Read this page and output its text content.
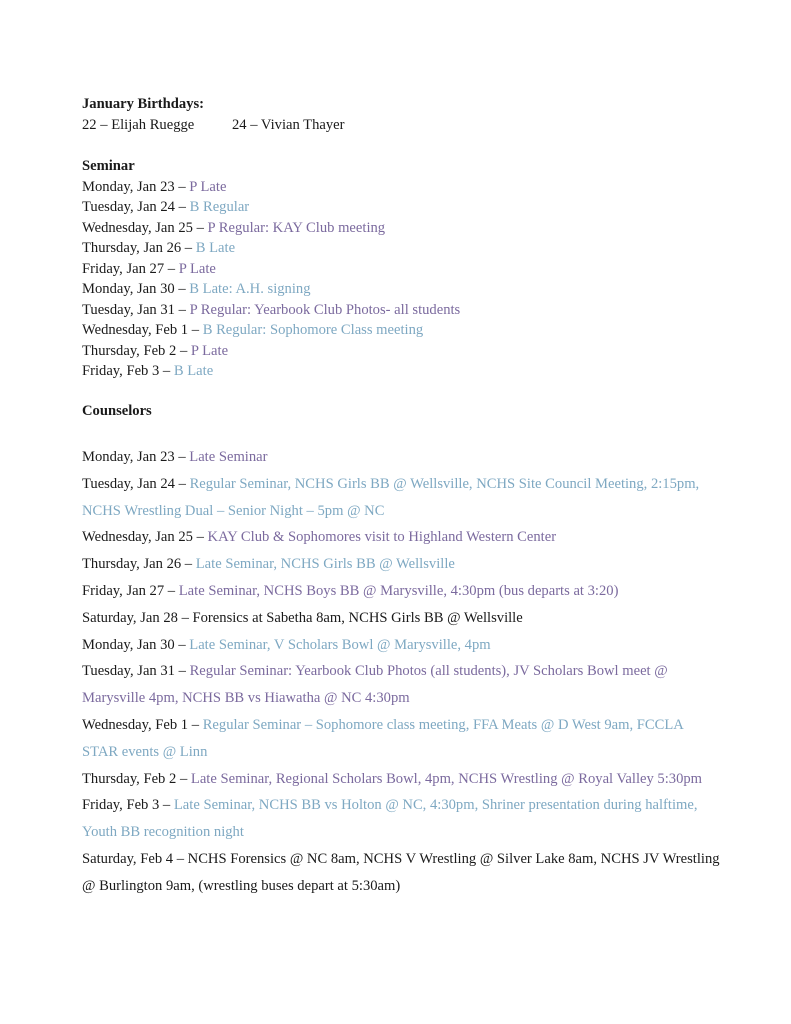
January Birthdays:
22 – Elijah Ruegge	24 – Vivian Thayer
Seminar
Monday, Jan 23 – P Late
Tuesday, Jan 24 – B Regular
Wednesday, Jan 25 – P Regular: KAY Club meeting
Thursday, Jan 26 – B Late
Friday, Jan 27 – P Late
Monday, Jan 30 – B Late: A.H. signing
Tuesday, Jan 31 – P Regular: Yearbook Club Photos- all students
Wednesday, Feb 1 – B Regular: Sophomore Class meeting
Thursday, Feb 2 – P Late
Friday, Feb 3 – B Late
Counselors
Monday, Jan 23 – Late Seminar
Tuesday, Jan 24 – Regular Seminar, NCHS Girls BB @ Wellsville, NCHS Site Council Meeting, 2:15pm, NCHS Wrestling Dual – Senior Night – 5pm @ NC
Wednesday, Jan 25 – KAY Club & Sophomores visit to Highland Western Center
Thursday, Jan 26 – Late Seminar, NCHS Girls BB @ Wellsville
Friday, Jan 27 – Late Seminar, NCHS Boys BB @ Marysville, 4:30pm (bus departs at 3:20)
Saturday, Jan 28 – Forensics at Sabetha 8am, NCHS Girls BB @ Wellsville
Monday, Jan 30 – Late Seminar, V Scholars Bowl @ Marysville, 4pm
Tuesday, Jan 31 – Regular Seminar: Yearbook Club Photos (all students), JV Scholars Bowl meet @ Marysville 4pm, NCHS BB vs Hiawatha @ NC 4:30pm
Wednesday, Feb 1 – Regular Seminar – Sophomore class meeting, FFA Meats @ D West 9am, FCCLA STAR events @ Linn
Thursday, Feb 2 – Late Seminar, Regional Scholars Bowl, 4pm, NCHS Wrestling @ Royal Valley 5:30pm
Friday, Feb 3 – Late Seminar, NCHS BB vs Holton @ NC, 4:30pm, Shriner presentation during halftime, Youth BB recognition night
Saturday, Feb 4 – NCHS Forensics @ NC 8am, NCHS V Wrestling @ Silver Lake 8am, NCHS JV Wrestling @ Burlington 9am, (wrestling buses depart at 5:30am)
